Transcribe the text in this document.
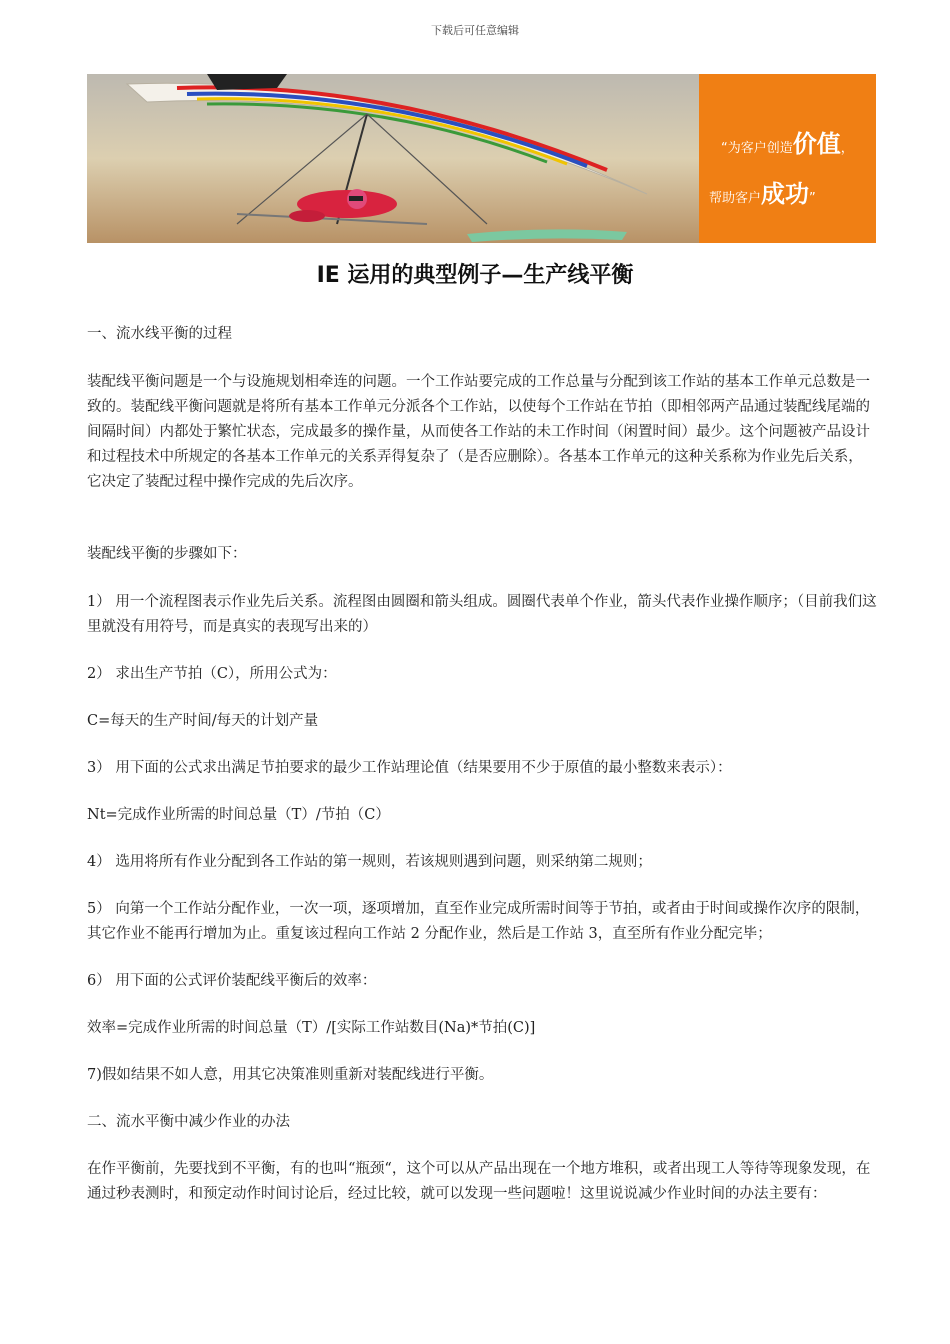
下载后可任意编辑
“为客户创造价值，
帮助客户成功”
IE 运用的典型例子—生产线平衡

一、流水线平衡的过程

装配线平衡问题是一个与设施规划相牵连的问题。一个工作站要完成的工作总量与分配到该工作站的基本工作单元总数是一致的。装配线平衡问题就是将所有基本工作单元分派各个工作站，以使每个工作站在节拍（即相邻两产品通过装配线尾端的间隔时间）内都处于繁忙状态，完成最多的操作量，从而使各工作站的未工作时间（闲置时间）最少。这个问题被产品设计和过程技术中所规定的各基本工作单元的关系弄得复杂了（是否应删除）。各基本工作单元的这种关系称为作业先后关系，它决定了装配过程中操作完成的先后次序。

装配线平衡的步骤如下：

1） 用一个流程图表示作业先后关系。流程图由圆圈和箭头组成。圆圈代表单个作业，箭头代表作业操作顺序；（目前我们这里就没有用符号，而是真实的表现写出来的）

2） 求出生产节拍（C），所用公式为：

C=每天的生产时间/每天的计划产量

3） 用下面的公式求出满足节拍要求的最少工作站理论值（结果要用不少于原值的最小整数来表示）：

Nt=完成作业所需的时间总量（T）/节拍（C）

4） 选用将所有作业分配到各工作站的第一规则，若该规则遇到问题，则采纳第二规则；

5） 向第一个工作站分配作业，一次一项，逐项增加，直至作业完成所需时间等于节拍，或者由于时间或操作次序的限制，其它作业不能再行增加为止。重复该过程向工作站 2 分配作业，然后是工作站 3，直至所有作业分配完毕；

6） 用下面的公式评价装配线平衡后的效率：

效率=完成作业所需的时间总量（T）/[实际工作站数目(Na)*节拍(C)]

7)假如结果不如人意，用其它决策准则重新对装配线进行平衡。

二、流水平衡中减少作业的办法

在作平衡前，先要找到不平衡，有的也叫“瓶颈“，这个可以从产品出现在一个地方堆积，或者出现工人等待等现象发现，在通过秒表测时，和预定动作时间讨论后，经过比较，就可以发现一些问题啦！这里说说减少作业时间的办法主要有：
